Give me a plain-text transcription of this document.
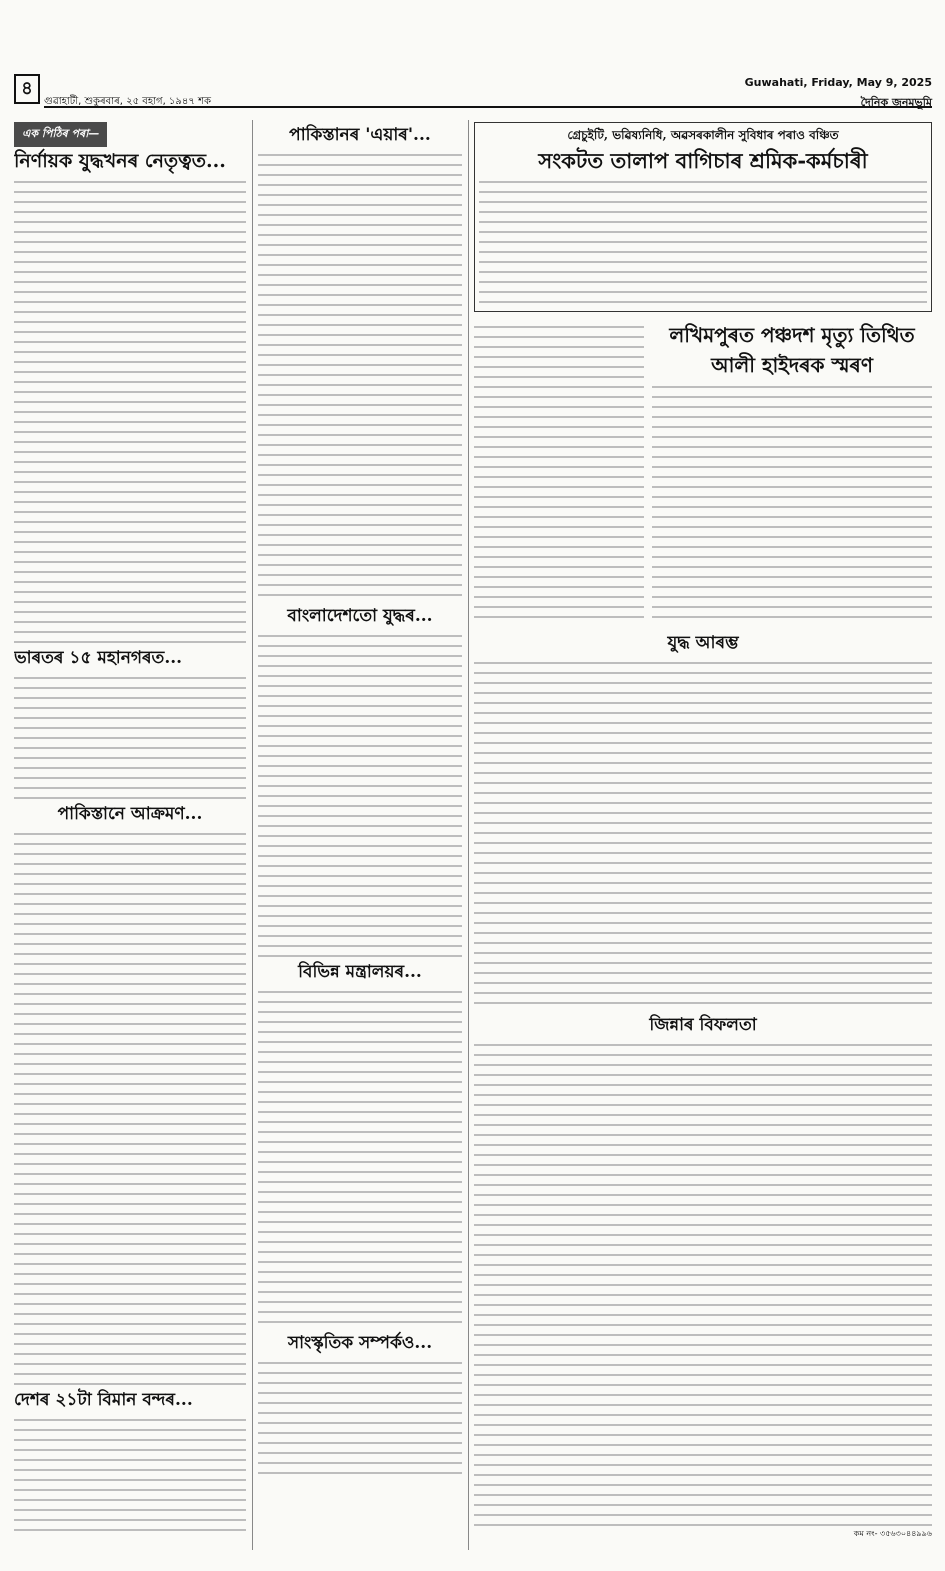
৪
গুৱাহাটী, শুকুৰবাৰ, ২৫ বহাগ, ১৯৪৭ শক
Guwahati, Friday, May 9, 2025
দৈনিক জনমভূমি
এক পিঠিৰ পৰা—
নিৰ্ণায়ক যুদ্ধখনৰ নেতৃত্বত...
ভাৰতৰ ১৫ মহানগৰত...
পাকিস্তানে আক্ৰমণ...
দেশৰ ২১টা বিমান বন্দৰ...
পাকিস্তানৰ 'এয়াৰ'...
বাংলাদেশতো যুদ্ধৰ...
বিভিন্ন মন্ত্ৰালয়ৰ...
সাংস্কৃতিক সম্পৰ্কও...
গ্ৰেচুইটি, ভৱিষ্যনিধি, অৱসৰকালীন সুবিধাৰ পৰাও বঞ্চিত
সংকটত তালাপ বাগিচাৰ শ্ৰমিক-কৰ্মচাৰী
লখিমপুৰত পঞ্চদশ মৃত্যু তিথিত আলী হাইদৰক স্মৰণ
যুদ্ধ আৰম্ভ
জিন্নাৰ বিফলতা
কম নং- ৩৫৬৩০৪৪৯৯৬
